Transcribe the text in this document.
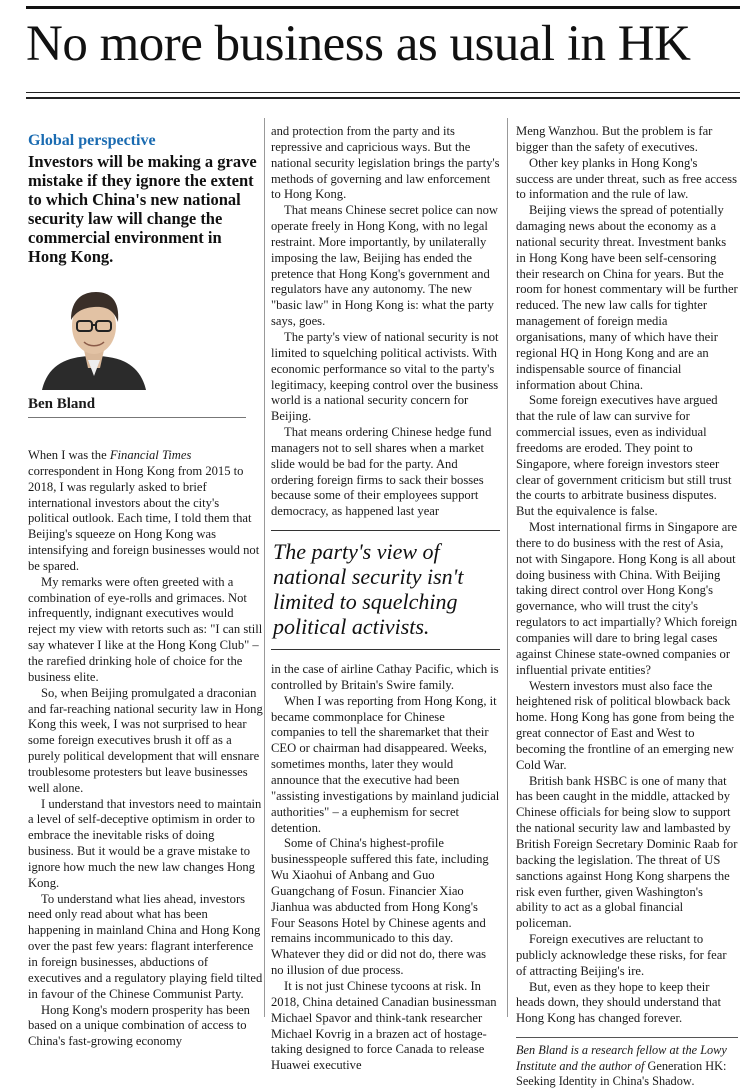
No more business as usual in HK
Global perspective
Investors will be making a grave mistake if they ignore the extent to which China's new national security law will change the commercial environment in Hong Kong.
Ben Bland

When I was the Financial Times correspondent in Hong Kong from 2015 to 2018, I was regularly asked to brief international investors about the city's political outlook. Each time, I told them that Beijing's squeeze on Hong Kong was intensifying and foreign businesses would not be spared.

My remarks were often greeted with a combination of eye-rolls and grimaces. Not infrequently, indignant executives would reject my view with retorts such as: "I can still say whatever I like at the Hong Kong Club" – the rarefied drinking hole of choice for the business elite.

So, when Beijing promulgated a draconian and far-reaching national security law in Hong Kong this week, I was not surprised to hear some foreign executives brush it off as a purely political development that will ensnare troublesome protesters but leave businesses well alone.

I understand that investors need to maintain a level of self-deceptive optimism in order to embrace the inevitable risks of doing business. But it would be a grave mistake to ignore how much the new law changes Hong Kong.

To understand what lies ahead, investors need only read about what has been happening in mainland China and Hong Kong over the past few years: flagrant interference in foreign businesses, abductions of executives and a regulatory playing field tilted in favour of the Chinese Communist Party.

Hong Kong's modern prosperity has been based on a unique combination of access to China's fast-growing economy

and protection from the party and its repressive and capricious ways. But the national security legislation brings the party's methods of governing and law enforcement to Hong Kong.

That means Chinese secret police can now operate freely in Hong Kong, with no legal restraint. More importantly, by unilaterally imposing the law, Beijing has ended the pretence that Hong Kong's government and regulators have any autonomy. The new "basic law" in Hong Kong is: what the party says, goes.

The party's view of national security is not limited to squelching political activists. With economic performance so vital to the party's legitimacy, keeping control over the business world is a national security concern for Beijing.

That means ordering Chinese hedge fund managers not to sell shares when a market slide would be bad for the party. And ordering foreign firms to sack their bosses because some of their employees support democracy, as happened last year

The party's view of national security isn't limited to squelching political activists.

in the case of airline Cathay Pacific, which is controlled by Britain's Swire family.

When I was reporting from Hong Kong, it became commonplace for Chinese companies to tell the sharemarket that their CEO or chairman had disappeared. Weeks, sometimes months, later they would announce that the executive had been "assisting investigations by mainland judicial authorities" – a euphemism for secret detention.

Some of China's highest-profile businesspeople suffered this fate, including Wu Xiaohui of Anbang and Guo Guangchang of Fosun. Financier Xiao Jianhua was abducted from Hong Kong's Four Seasons Hotel by Chinese agents and remains incommunicado to this day. Whatever they did or did not do, there was no illusion of due process.

It is not just Chinese tycoons at risk. In 2018, China detained Canadian businessman Michael Spavor and think-tank researcher Michael Kovrig in a brazen act of hostage-taking designed to force Canada to release Huawei executive

Meng Wanzhou. But the problem is far bigger than the safety of executives.

Other key planks in Hong Kong's success are under threat, such as free access to information and the rule of law.

Beijing views the spread of potentially damaging news about the economy as a national security threat. Investment banks in Hong Kong have been self-censoring their research on China for years. But the room for honest commentary will be further reduced. The new law calls for tighter management of foreign media organisations, many of which have their regional HQ in Hong Kong and are an indispensable source of financial information about China.

Some foreign executives have argued that the rule of law can survive for commercial issues, even as individual freedoms are eroded. They point to Singapore, where foreign investors steer clear of government criticism but still trust the courts to arbitrate business disputes. But the equivalence is false.

Most international firms in Singapore are there to do business with the rest of Asia, not with Singapore. Hong Kong is all about doing business with China. With Beijing taking direct control over Hong Kong's governance, who will trust the city's regulators to act impartially? Which foreign companies will dare to bring legal cases against Chinese state-owned companies or influential private entities?

Western investors must also face the heightened risk of political blowback back home. Hong Kong has gone from being the great connector of East and West to becoming the frontline of an emerging new Cold War.

British bank HSBC is one of many that has been caught in the middle, attacked by Chinese officials for being slow to support the national security law and lambasted by British Foreign Secretary Dominic Raab for backing the legislation. The threat of US sanctions against Hong Kong sharpens the risk even further, given Washington's ability to act as a global financial policeman.

Foreign executives are reluctant to publicly acknowledge these risks, for fear of attracting Beijing's ire.

But, even as they hope to keep their heads down, they should understand that Hong Kong has changed forever.

Ben Bland is a research fellow at the Lowy Institute and the author of Generation HK: Seeking Identity in China's Shadow.
